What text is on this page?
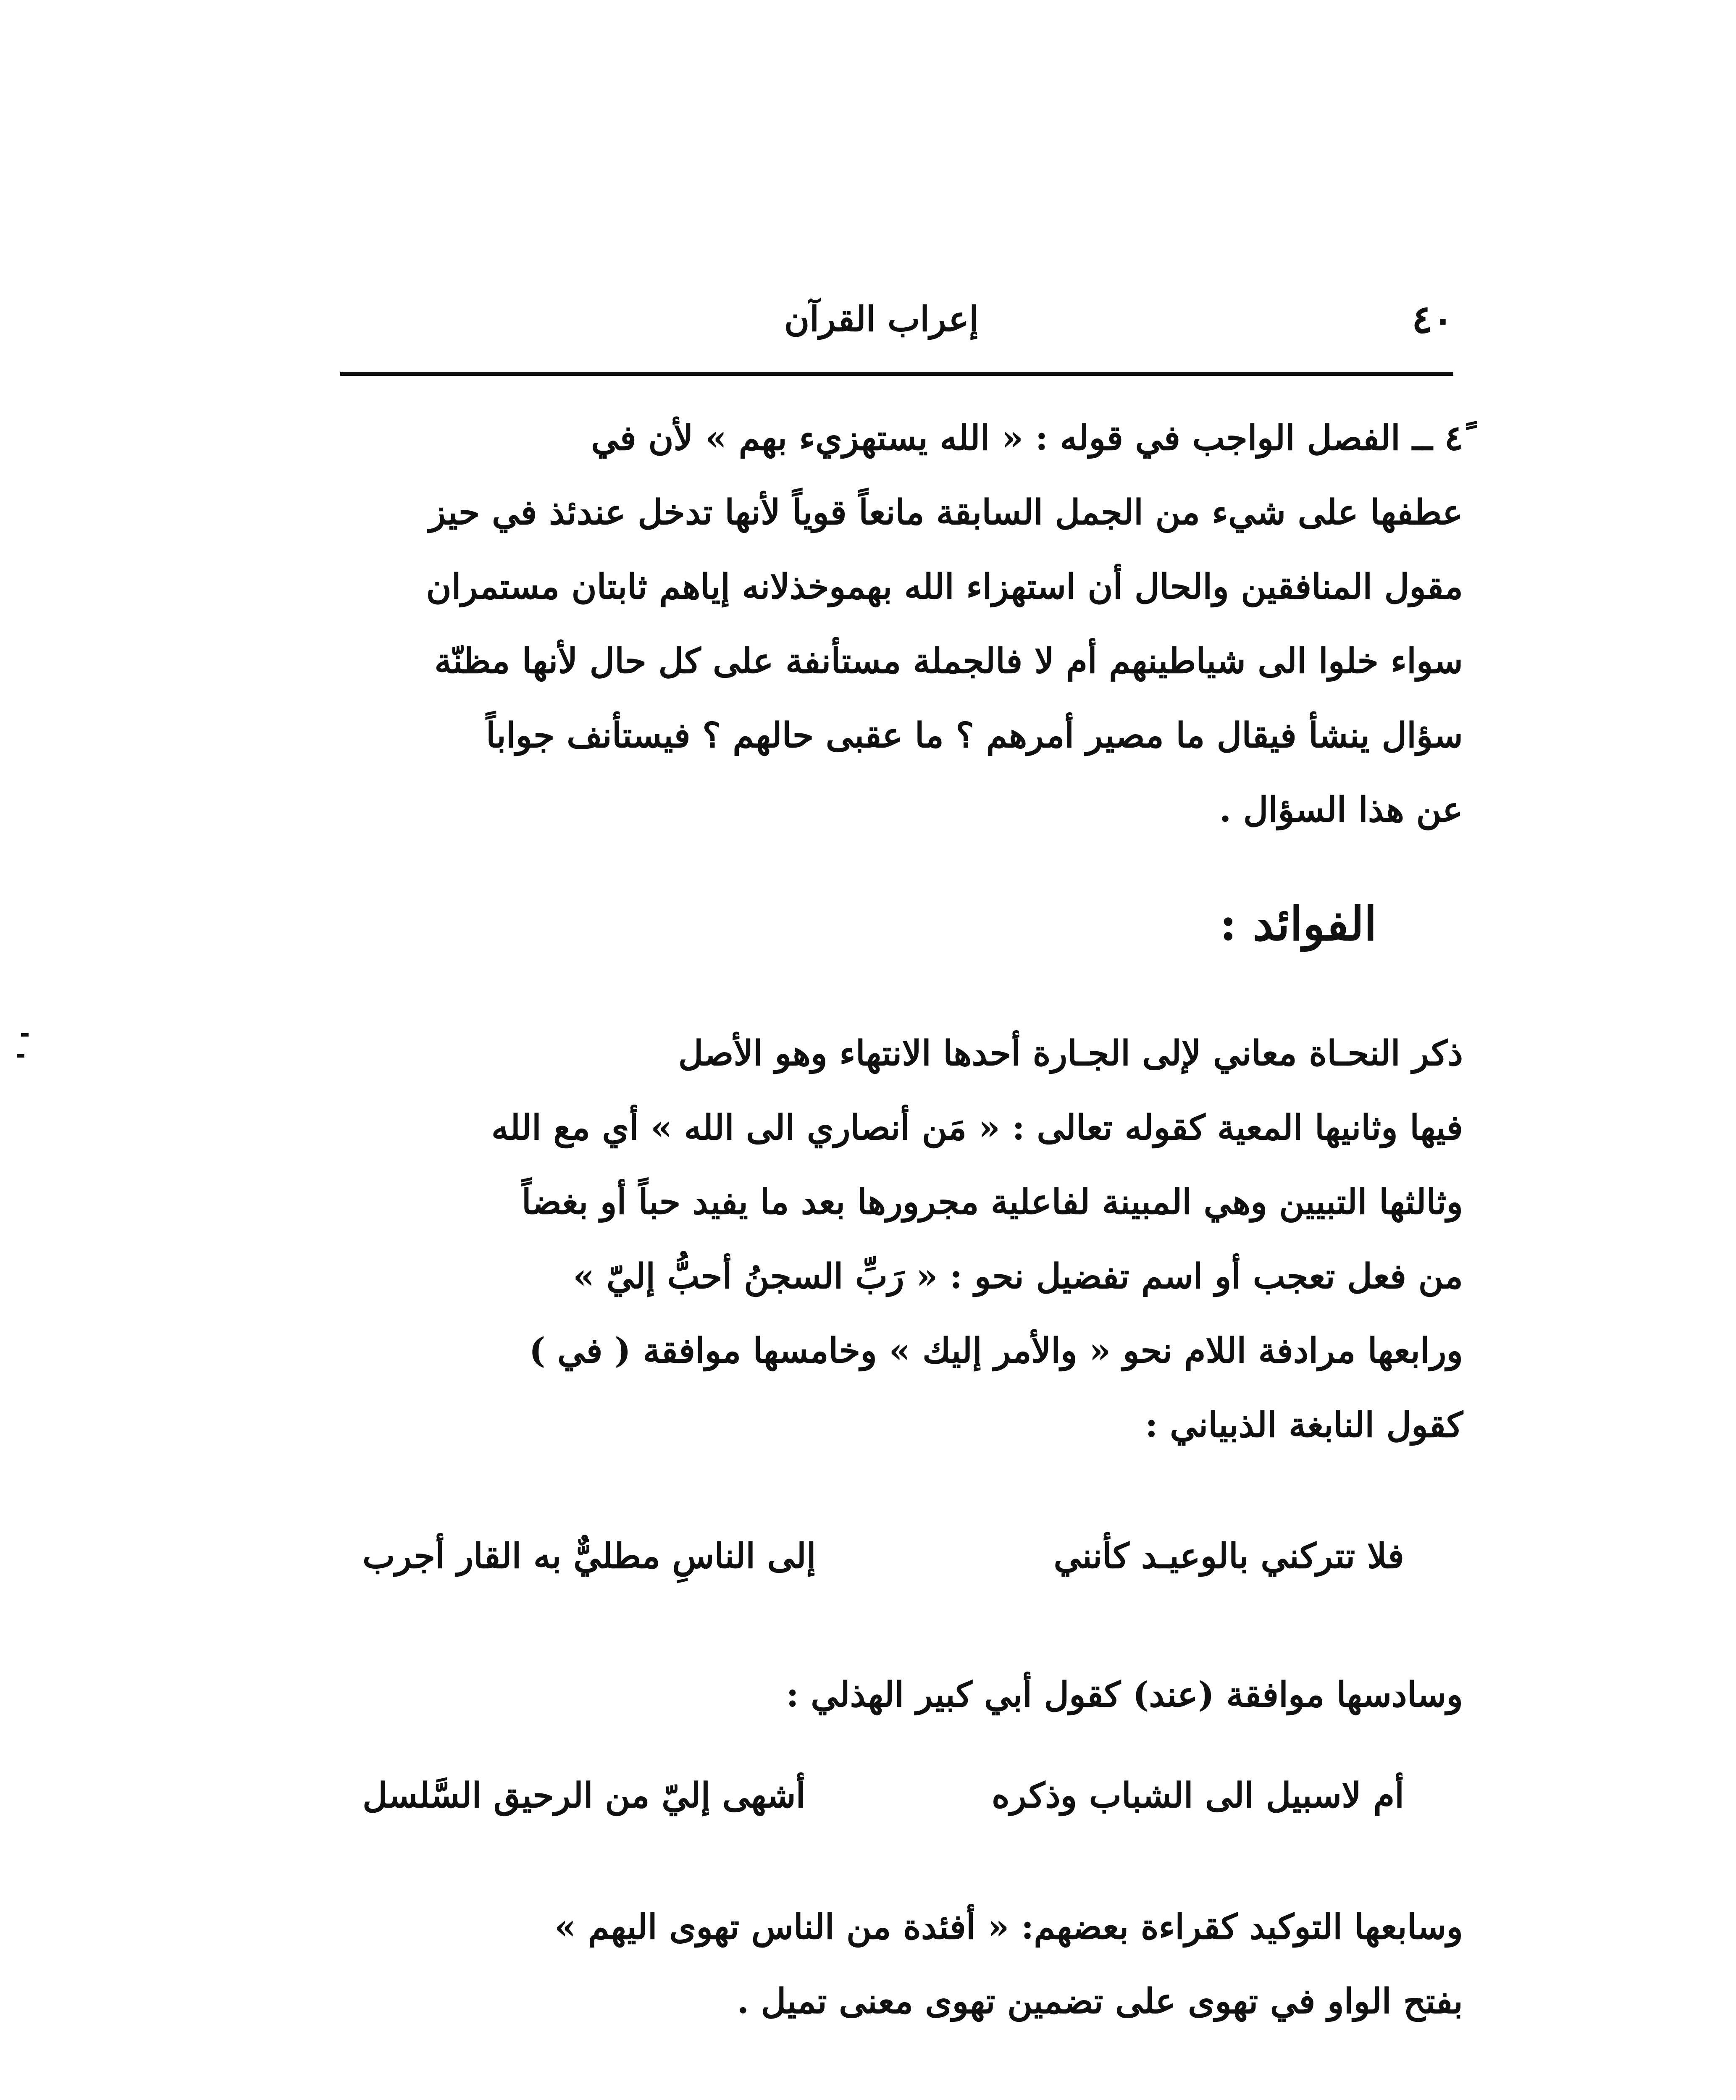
٤٠
إعراب القرآن
٤ً ــ الفصل الواجب في قوله : « الله يستهزيء بهم » لأن في
عطفها على شيء من الجمل السابقة مانعاً قوياً لأنها تدخل عندئذ في حيز
مقول المنافقين والحال أن استهزاء الله بهموخذلانه إياهم ثابتان مستمران
سواء خلوا الى شياطينهم أم لا فالجملة مستأنفة على كل حال لأنها مظنّة
سؤال ينشأ فيقال ما مصير أمرهم ؟ ما عقبى حالهم ؟ فيستأنف جواباً
عن هذا السؤال .
الفوائد :
ذكر النحـاة معاني لإلى الجـارة أحدها الانتهاء وهو الأصل
فيها وثانيها المعية كقوله تعالى : « مَن أنصاري الى الله » أي مع الله
وثالثها التبيين وهي المبينة لفاعلية مجرورها بعد ما يفيد حباً أو بغضاً
من فعل تعجب أو اسم تفضيل نحو : « رَبِّ السجنُ أحبُّ إليّ »
ورابعها مرادفة اللام نحو « والأمر إليك » وخامسها موافقة ( في )
كقول النابغة الذبياني :
فلا تتركني بالوعيـد كأنني
إلى الناسِ مطليٌّ به القار أجرب
وسادسها موافقة (عند) كقول أبي كبير الهذلي :
أم لاسبيل الى الشباب وذكره
أشهى إليّ من الرحيق السَّلسل
وسابعها التوكيد كقراءة بعضهم: « أفئدة من الناس تهوى اليهم »
بفتح الواو في تهوى على تضمين تهوى معنى تميل .
